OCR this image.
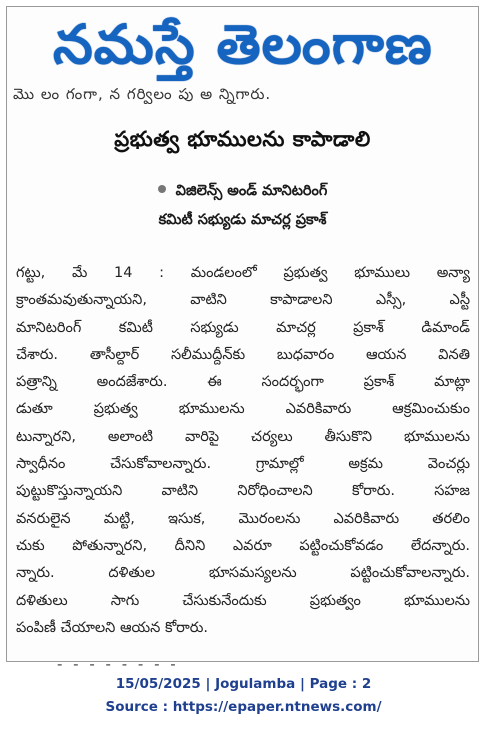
నమస్తే తెలంగాణ
మొ లం గంగా, న గర్విలం పు అ న్నిగారు.
ప్రభుత్వ భూములను కాపాడాలి
విజిలెన్స్ అండ్ మానిటరింగ్
కమిటీ సభ్యుడు మాచర్ల ప్రకాశ్
గట్టు, మే 14 : మండలంలో ప్రభుత్వ భూములు అన్యా
క్రాంతమవుతున్నాయని, వాటిని కాపాడాలని ఎస్సీ, ఎస్టీ
మానిటరింగ్ కమిటీ సభ్యుడు మాచర్ల ప్రకాశ్ డిమాండ్
చేశారు. తాసీల్దార్ సలీముద్దీన్‌కు బుధవారం ఆయన వినతి
పత్రాన్ని అందజేశారు. ఈ సందర్భంగా ప్రకాశ్ మాట్లా
డుతూ ప్రభుత్వ భూములను ఎవరికివారు ఆక్రమించుకుం
టున్నారని, అలాంటి వారిపై చర్యలు తీసుకొని భూములను
స్వాధీనం చేసుకోవాలన్నారు. గ్రామాల్లో అక్రమ వెంచర్లు
పుట్టుకొస్తున్నాయని వాటిని నిరోధించాలని కోరారు. సహజ
వనరులైన మట్టి, ఇసుక, మొరంలను ఎవరికివారు తరలిం
చుకు పోతున్నారని, దీనిని ఎవరూ పట్టించుకోవడం లేదన్నారు.
న్నారు. దళితుల భూసమస్యలను పట్టించుకోవాలన్నారు.
దళితులు సాగు చేసుకునేందుకు ప్రభుత్వం భూములను
పంపిణీ చేయాలని ఆయన కోరారు.
- - - - - - - -
15/05/2025 | Jogulamba | Page : 2
Source : https://epaper.ntnews.com/
